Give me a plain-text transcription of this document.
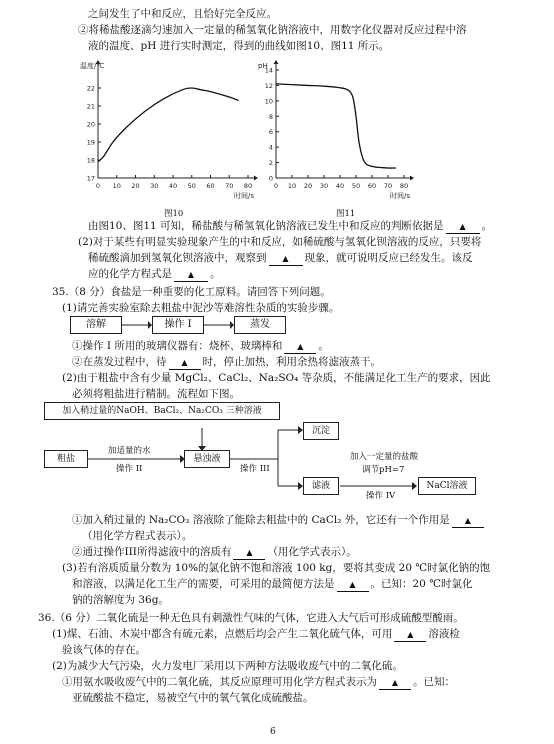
之间发生了中和反应，且恰好完全反应。
②将稀盐酸逐滴匀速加入一定量的稀氢氧化钠溶液中，用数字化仪器对反应过程中溶
液的温度、pH 进行实时测定，得到的曲线如图10、图11 所示。
0 10 20 30 40 50 60 70 80
17
18
19
20
21
22
时间/s
温度/℃
0 10 20 30 40 50 60 70 80
0
2
4
6
8
10
12
14
时间/s
pH
图10	图11
由图10、图11 可知，稀盐酸与稀氢氧化钠溶液已发生中和反应的判断依据是 ▲ 。
(2)对于某些有明显实验现象产生的中和反应，如稀硫酸与氢氧化钡溶液的反应，只要将
稀硫酸滴加到氢氧化钡溶液中，观察到 ▲ 现象，就可说明反应已经发生。该反
应的化学方程式是 ▲ 。
35.（8 分）食盐是一种重要的化工原料。请回答下列问题。
(1)请完善实验室除去粗盐中泥沙等难溶性杂质的实验步骤。
溶解	操作 I	蒸发
①操作 I 所用的玻璃仪器有：烧杯、玻璃棒和 ▲ 。
②在蒸发过程中，待 ▲ 时，停止加热，利用余热将滤液蒸干。
(2)由于粗盐中含有少量 MgCl₂、CaCl₂、Na₂SO₄ 等杂质，不能满足化工生产的要求，因此
必须将粗盐进行精制。流程如下图。
加入稍过量的NaOH、BaCl₂、Na₂CO₃ 三种溶液
粗盐
加适量的水
操作 II
悬浊液
操作 III
沉淀
滤液
加入一定量的盐酸
调节pH=7
操作 IV
NaCl溶液
①加入稍过量的 Na₂CO₃ 溶液除了能除去粗盐中的 CaCl₂ 外，它还有一个作用是 ▲
（用化学方程式表示）。
②通过操作III所得滤液中的溶质有 ▲ （用化学式表示）。
(3)若有溶质质量分数为 10%的氯化钠不饱和溶液 100 kg，要将其变成 20 ℃时氯化钠的饱
和溶液，以满足化工生产的需要，可采用的最简便方法是 ▲ 。已知：20 ℃时氯化
钠的溶解度为 36g。
36.（6 分）二氧化硫是一种无色具有刺激性气味的气体，它进入大气后可形成硫酸型酸雨。
(1)煤、石油、木炭中都含有硫元素，点燃后均会产生二氧化硫气体，可用 ▲ 溶液检
验该气体的存在。
(2)为减少大气污染，火力发电厂采用以下两种方法吸收废气中的二氧化硫。
①用氨水吸收废气中的二氧化硫，其反应原理可用化学方程式表示为 ▲ 。已知：
亚硫酸盐不稳定，易被空气中的氧气氧化成硫酸盐。
6
